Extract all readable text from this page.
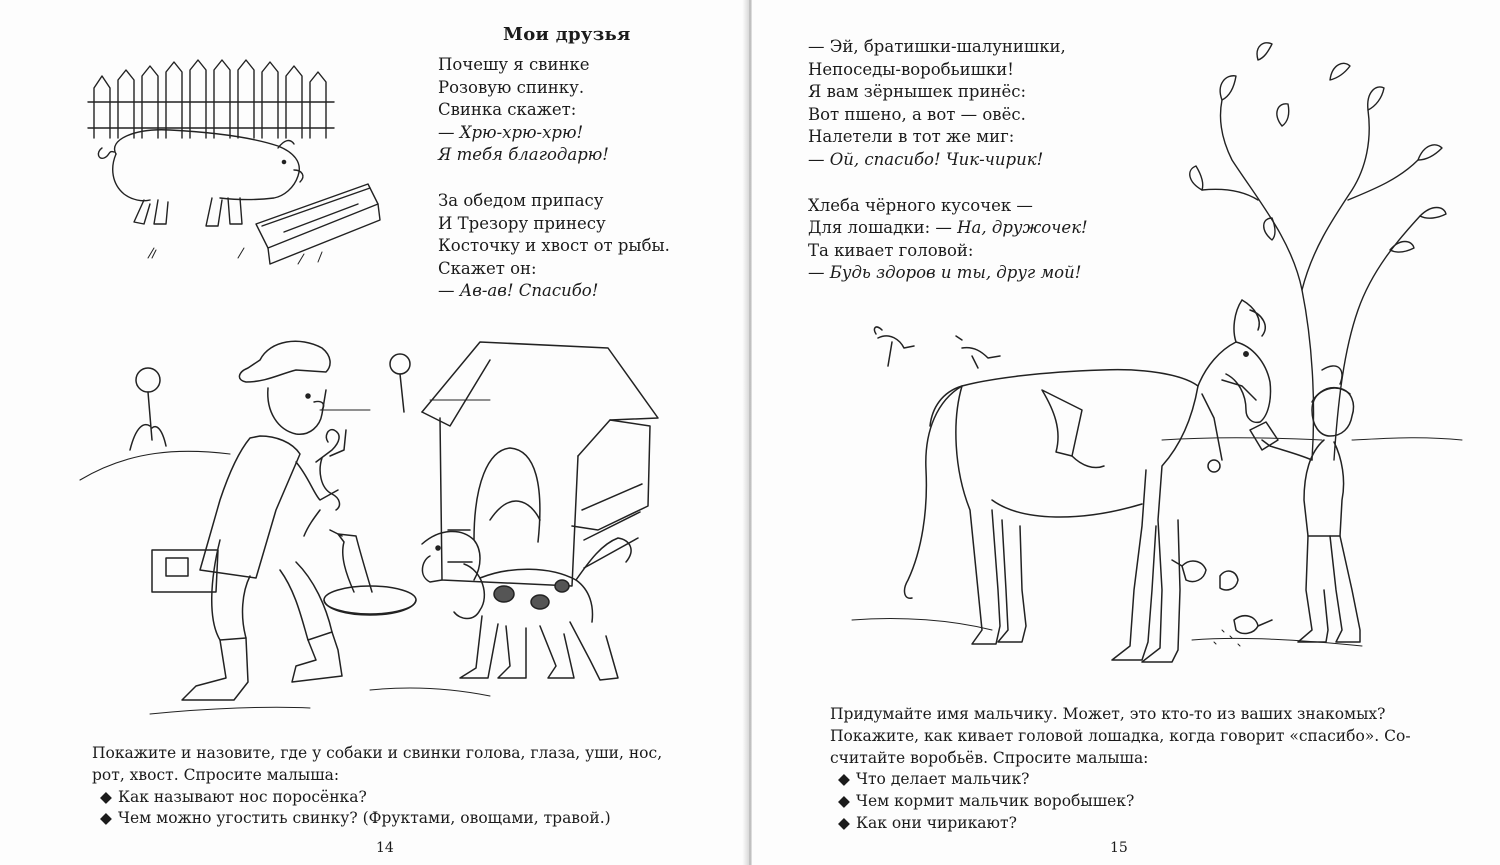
Мои друзья
Почешу я свинке
Розовую спинку.
Свинка скажет:
— Хрю-хрю-хрю!
Я тебя благодарю!
За обедом припасу
И Трезору принесу
Косточку и хвост от рыбы.
Скажет он:
— Ав-ав! Спасибо!
Покажите и назовите, где у собаки и свинки голова, глаза, уши, нос,
рот, хвост. Спросите малыша:
◆ Как называют нос поросёнка?
◆ Чем можно угостить свинку? (Фруктами, овощами, травой.)
14
— Эй, братишки-шалунишки,
Непоседы-воробьишки!
Я вам зёрнышек принёс:
Вот пшено, а вот — овёс.
Налетели в тот же миг:
— Ой, спасибо! Чик-чирик!
Хлеба чёрного кусочек —
Для лошадки: — На, дружочек!
Та кивает головой:
— Будь здоров и ты, друг мой!
Придумайте имя мальчику. Может, это кто-то из ваших знакомых?
Покажите, как кивает головой лошадка, когда говорит «спасибо». Со-
считайте воробьёв. Спросите малыша:
◆ Что делает мальчик?
◆ Чем кормит мальчик воробышек?
◆ Как они чирикают?
15
